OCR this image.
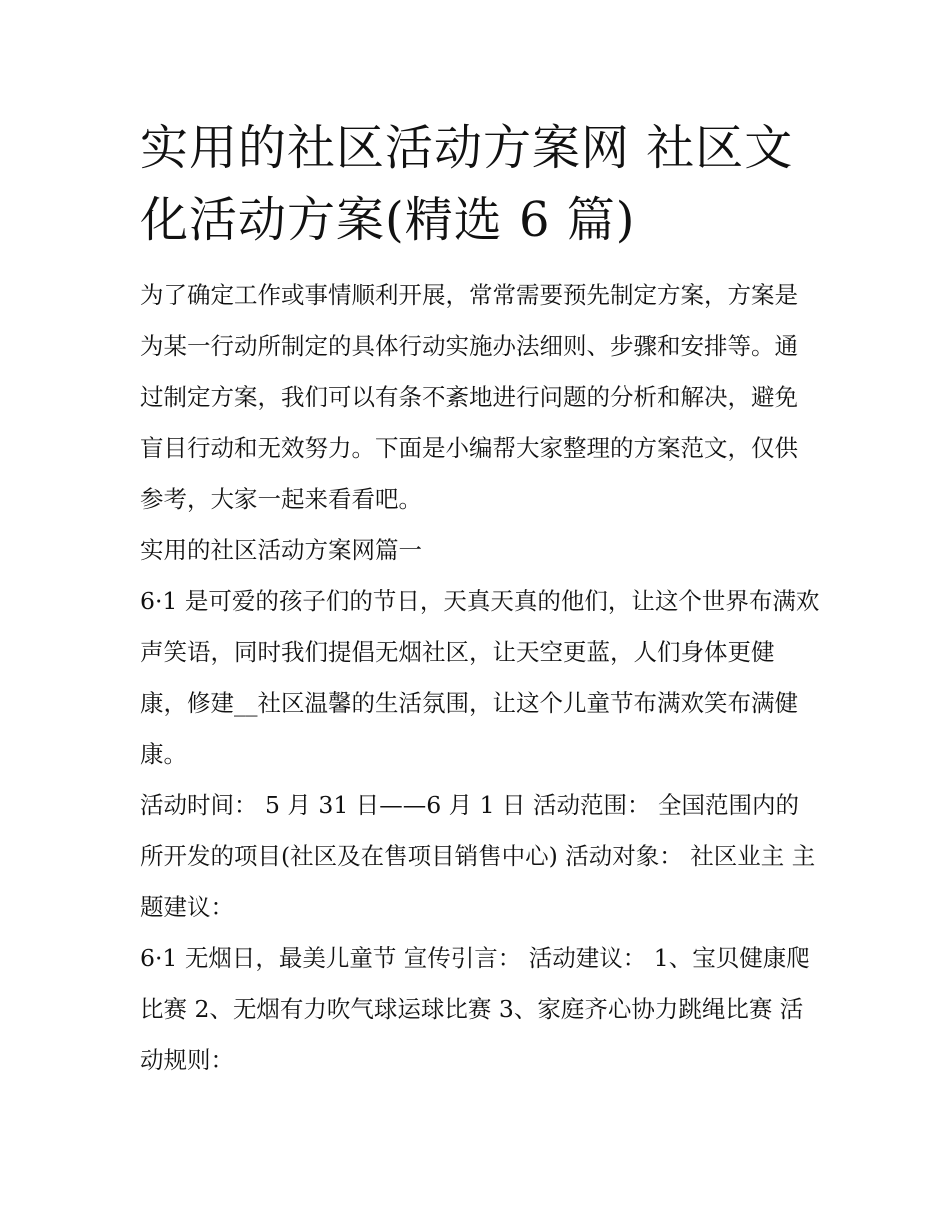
实用的社区活动方案网 社区文化活动方案(精选 6 篇)

为了确定工作或事情顺利开展，常常需要预先制定方案，方案是为某一行动所制定的具体行动实施办法细则、步骤和安排等。通过制定方案，我们可以有条不紊地进行问题的分析和解决，避免盲目行动和无效努力。下面是小编帮大家整理的方案范文，仅供参考，大家一起来看看吧。

实用的社区活动方案网篇一

6·1 是可爱的孩子们的节日，天真天真的他们，让这个世界布满欢声笑语，同时我们提倡无烟社区，让天空更蓝，人们身体更健康，修建__社区温馨的生活氛围，让这个儿童节布满欢笑布满健康。

活动时间： 5 月 31 日——6 月 1 日 活动范围： 全国范围内的所开发的项目(社区及在售项目销售中心) 活动对象： 社区业主 主题建议：

6·1 无烟日，最美儿童节 宣传引言： 活动建议： 1、宝贝健康爬比赛 2、无烟有力吹气球运球比赛 3、家庭齐心协力跳绳比赛 活动规则：
